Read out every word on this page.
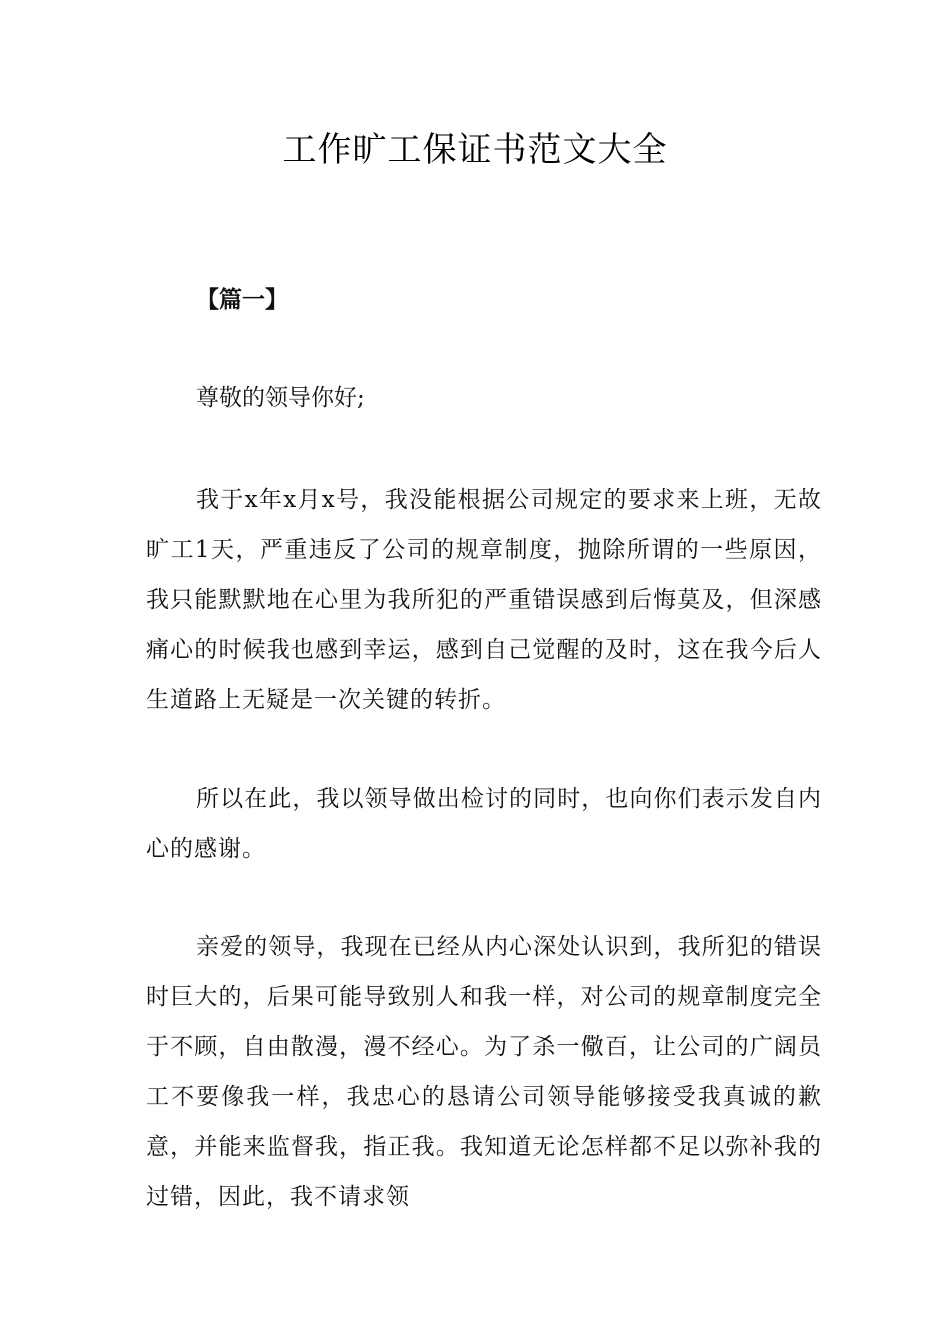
工作旷工保证书范文大全
【篇一】
尊敬的领导你好;

我于x年x月x号，我没能根据公司规定的要求来上班，无故旷工1天，严重违反了公司的规章制度，抛除所谓的一些原因，我只能默默地在心里为我所犯的严重错误感到后悔莫及，但深感痛心的时候我也感到幸运，感到自己觉醒的及时，这在我今后人生道路上无疑是一次关键的转折。

所以在此，我以领导做出检讨的同时，也向你们表示发自内心的感谢。

亲爱的领导，我现在已经从内心深处认识到，我所犯的错误时巨大的，后果可能导致别人和我一样，对公司的规章制度完全于不顾，自由散漫，漫不经心。为了杀一儆百，让公司的广阔员工不要像我一样，我忠心的恳请公司领导能够接受我真诚的歉意，并能来监督我，指正我。我知道无论怎样都不足以弥补我的过错，因此，我不请求领
